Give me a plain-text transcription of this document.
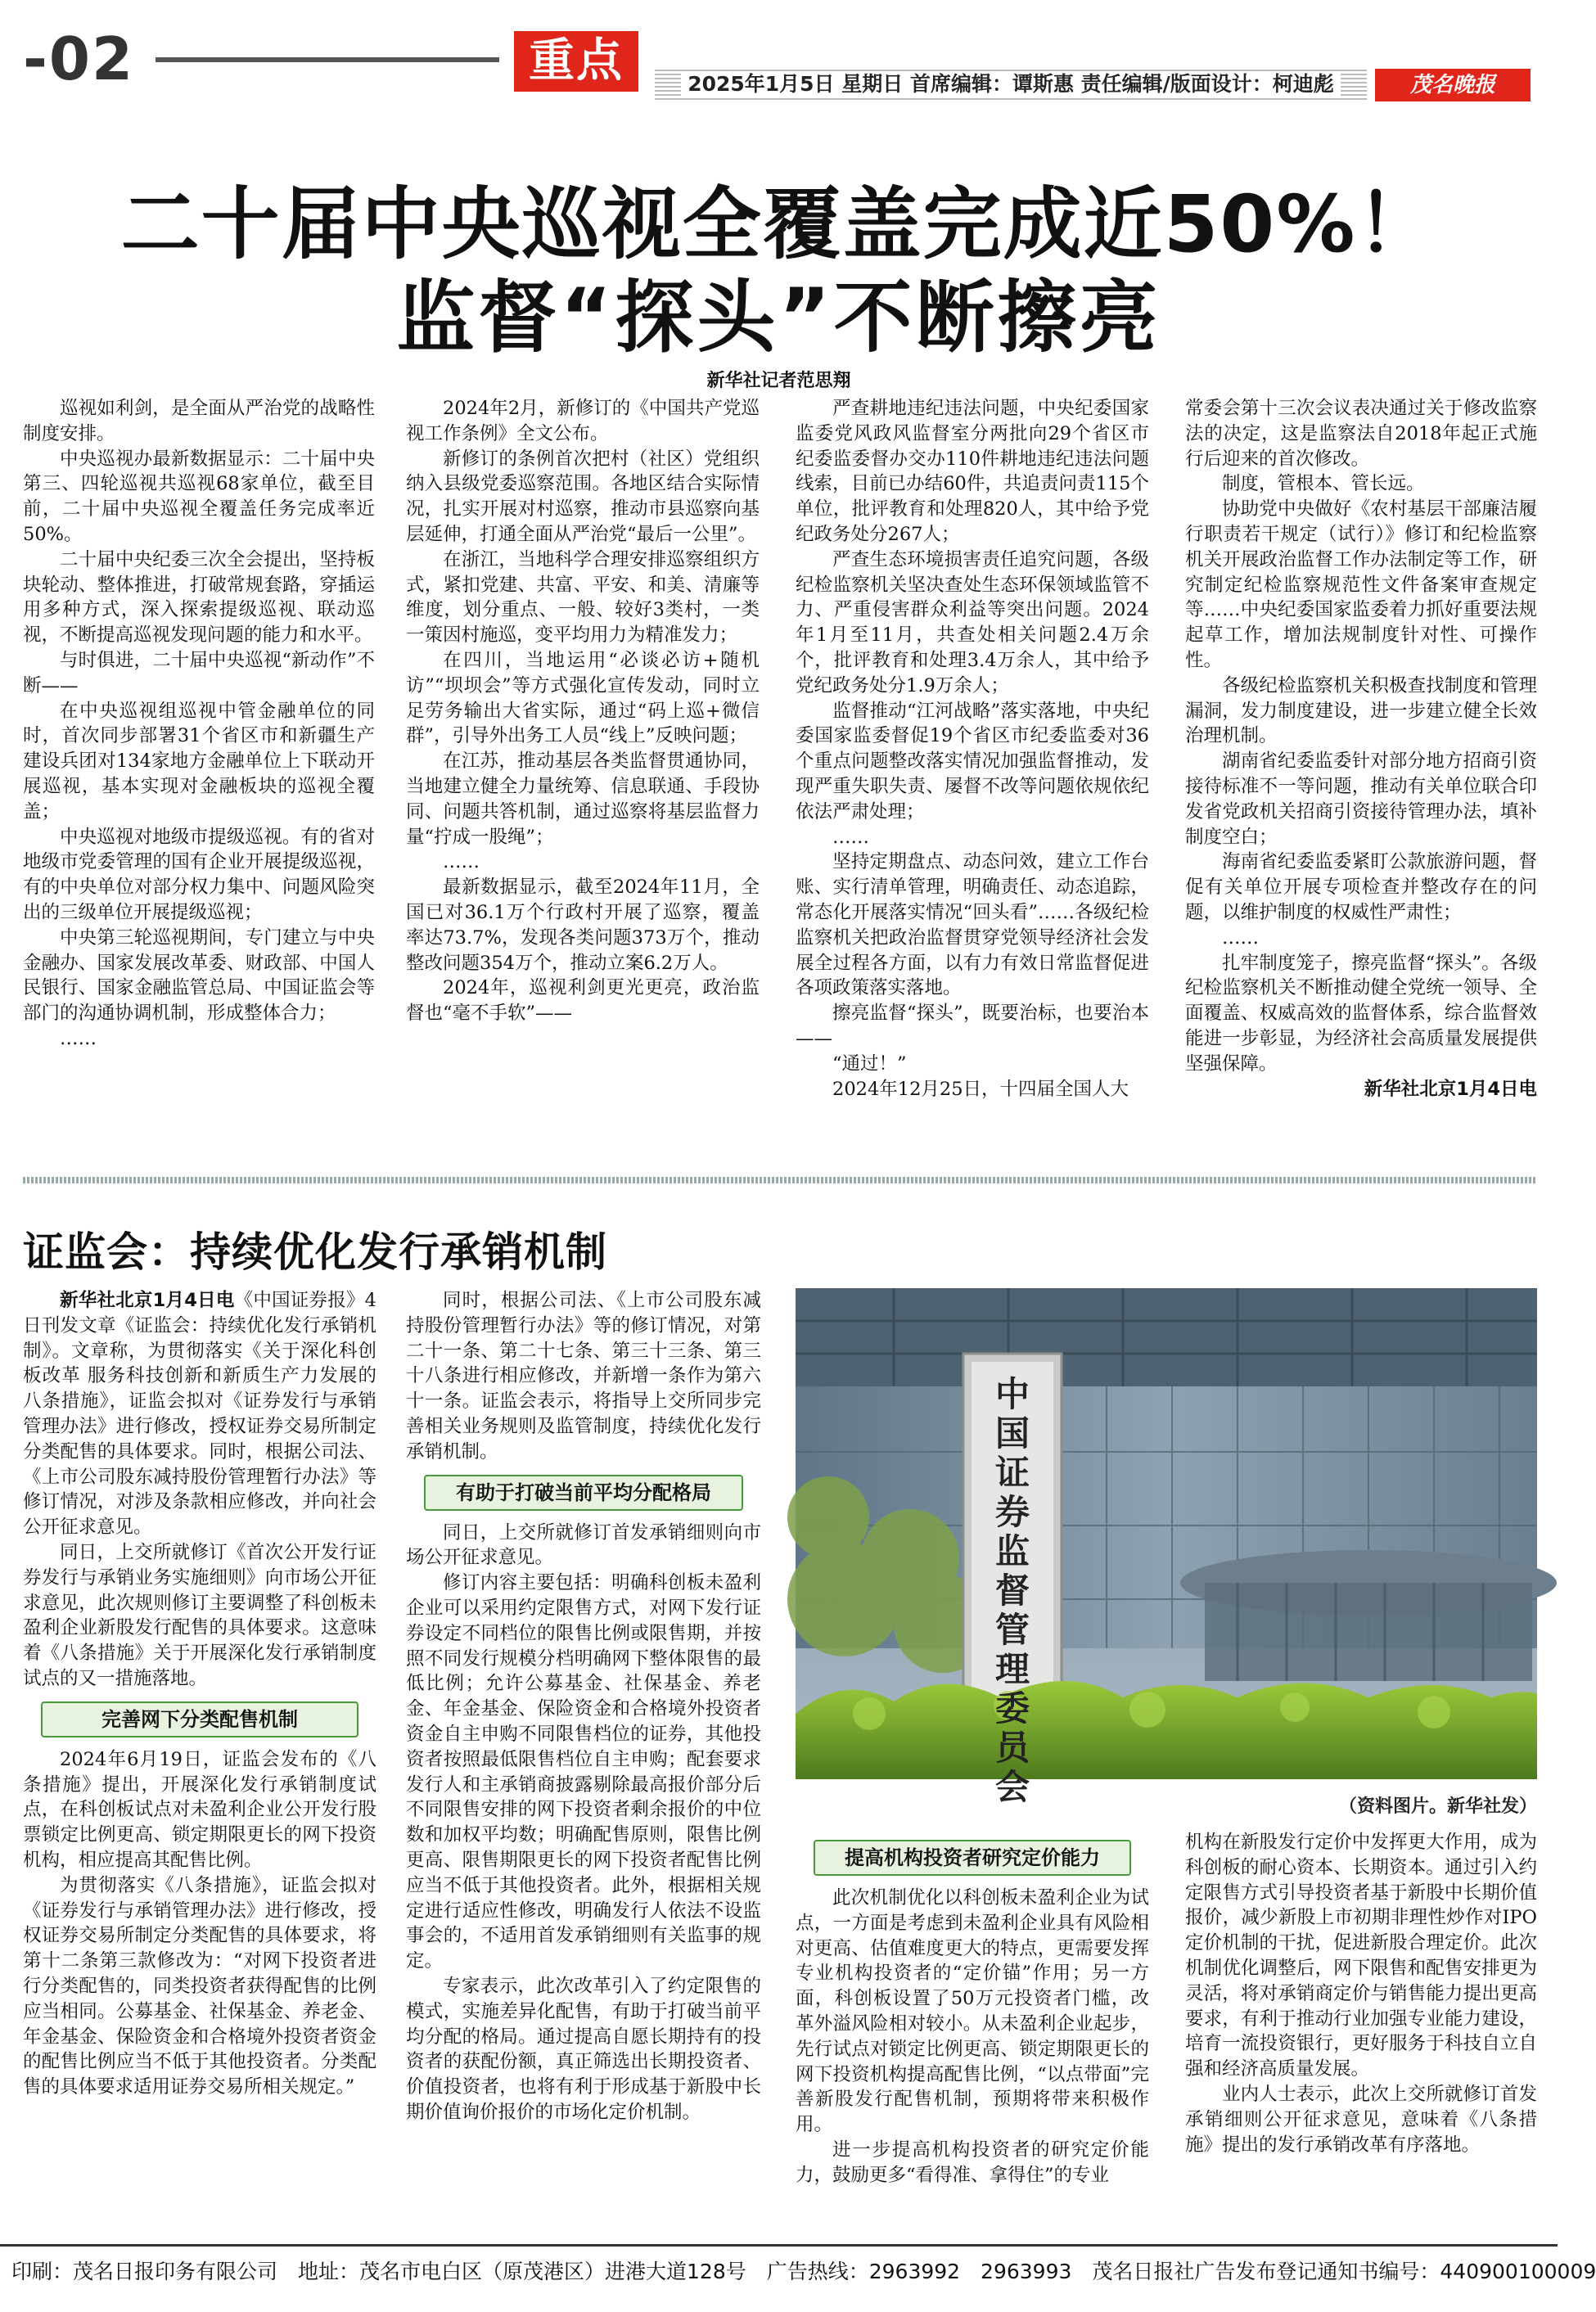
-02	重点	2025年1月5日 星期日 首席编辑：谭斯惠 责任编辑/版面设计：柯迪彪	茂名晚报
二十届中央巡视全覆盖完成近50%！
监督“探头”不断擦亮
新华社记者范思翔

巡视如利剑，是全面从严治党的战略性制度安排。

中央巡视办最新数据显示：二十届中央第三、四轮巡视共巡视68家单位，截至目前，二十届中央巡视全覆盖任务完成率近50%。

二十届中央纪委三次全会提出，坚持板块轮动、整体推进，打破常规套路，穿插运用多种方式，深入探索提级巡视、联动巡视，不断提高巡视发现问题的能力和水平。

与时俱进，二十届中央巡视“新动作”不断——

在中央巡视组巡视中管金融单位的同时，首次同步部署31个省区市和新疆生产建设兵团对134家地方金融单位上下联动开展巡视，基本实现对金融板块的巡视全覆盖；

中央巡视对地级市提级巡视。有的省对地级市党委管理的国有企业开展提级巡视，有的中央单位对部分权力集中、问题风险突出的三级单位开展提级巡视；

中央第三轮巡视期间，专门建立与中央金融办、国家发展改革委、财政部、中国人民银行、国家金融监管总局、中国证监会等部门的沟通协调机制，形成整体合力；

……

2024年2月，新修订的《中国共产党巡视工作条例》全文公布。

新修订的条例首次把村（社区）党组织纳入县级党委巡察范围。各地区结合实际情况，扎实开展对村巡察，推动市县巡察向基层延伸，打通全面从严治党“最后一公里”。

在浙江，当地科学合理安排巡察组织方式，紧扣党建、共富、平安、和美、清廉等维度，划分重点、一般、较好3类村，一类一策因村施巡，变平均用力为精准发力；

在四川，当地运用“必谈必访+随机访”“坝坝会”等方式强化宣传发动，同时立足劳务输出大省实际，通过“码上巡+微信群”，引导外出务工人员“线上”反映问题；

在江苏，推动基层各类监督贯通协同，当地建立健全力量统筹、信息联通、手段协同、问题共答机制，通过巡察将基层监督力量“拧成一股绳”；

……

最新数据显示，截至2024年11月，全国已对36.1万个行政村开展了巡察，覆盖率达73.7%，发现各类问题373万个，推动整改问题354万个，推动立案6.2万人。

2024年，巡视利剑更光更亮，政治监督也“毫不手软”——

严查耕地违纪违法问题，中央纪委国家监委党风政风监督室分两批向29个省区市纪委监委督办交办110件耕地违纪违法问题线索，目前已办结60件，共追责问责115个单位，批评教育和处理820人，其中给予党纪政务处分267人；

严查生态环境损害责任追究问题，各级纪检监察机关坚决查处生态环保领域监管不力、严重侵害群众利益等突出问题。2024年1月至11月，共查处相关问题2.4万余个，批评教育和处理3.4万余人，其中给予党纪政务处分1.9万余人；

监督推动“江河战略”落实落地，中央纪委国家监委督促19个省区市纪委监委对36个重点问题整改落实情况加强监督推动，发现严重失职失责、屡督不改等问题依规依纪依法严肃处理；

……

坚持定期盘点、动态问效，建立工作台账、实行清单管理，明确责任、动态追踪，常态化开展落实情况“回头看”……各级纪检监察机关把政治监督贯穿党领导经济社会发展全过程各方面，以有力有效日常监督促进各项政策落实落地。

擦亮监督“探头”，既要治标，也要治本——

“通过！”

2024年12月25日，十四届全国人大

常委会第十三次会议表决通过关于修改监察法的决定，这是监察法自2018年起正式施行后迎来的首次修改。

制度，管根本、管长远。

协助党中央做好《农村基层干部廉洁履行职责若干规定（试行）》修订和纪检监察机关开展政治监督工作办法制定等工作，研究制定纪检监察规范性文件备案审查规定等……中央纪委国家监委着力抓好重要法规起草工作，增加法规制度针对性、可操作性。

各级纪检监察机关积极查找制度和管理漏洞，发力制度建设，进一步建立健全长效治理机制。

湖南省纪委监委针对部分地方招商引资接待标准不一等问题，推动有关单位联合印发省党政机关招商引资接待管理办法，填补制度空白；

海南省纪委监委紧盯公款旅游问题，督促有关单位开展专项检查并整改存在的问题，以维护制度的权威性严肃性；

……

扎牢制度笼子，擦亮监督“探头”。各级纪检监察机关不断推动健全党统一领导、全面覆盖、权威高效的监督体系，综合监督效能进一步彰显，为经济社会高质量发展提供坚强保障。

新华社北京1月4日电

证监会：持续优化发行承销机制

新华社北京1月4日电《中国证券报》4日刊发文章《证监会：持续优化发行承销机制》。文章称，为贯彻落实《关于深化科创板改革 服务科技创新和新质生产力发展的八条措施》，证监会拟对《证券发行与承销管理办法》进行修改，授权证券交易所制定分类配售的具体要求。同时，根据公司法、《上市公司股东减持股份管理暂行办法》等修订情况，对涉及条款相应修改，并向社会公开征求意见。

同日，上交所就修订《首次公开发行证券发行与承销业务实施细则》向市场公开征求意见，此次规则修订主要调整了科创板未盈利企业新股发行配售的具体要求。这意味着《八条措施》关于开展深化发行承销制度试点的又一措施落地。

完善网下分类配售机制

2024年6月19日，证监会发布的《八条措施》提出，开展深化发行承销制度试点，在科创板试点对未盈利企业公开发行股票锁定比例更高、锁定期限更长的网下投资机构，相应提高其配售比例。

为贯彻落实《八条措施》，证监会拟对《证券发行与承销管理办法》进行修改，授权证券交易所制定分类配售的具体要求，将第十二条第三款修改为：“对网下投资者进行分类配售的，同类投资者获得配售的比例应当相同。公募基金、社保基金、养老金、年金基金、保险资金和合格境外投资者资金的配售比例应当不低于其他投资者。分类配售的具体要求适用证券交易所相关规定。”

同时，根据公司法、《上市公司股东减持股份管理暂行办法》等的修订情况，对第二十一条、第二十七条、第三十三条、第三十八条进行相应修改，并新增一条作为第六十一条。证监会表示，将指导上交所同步完善相关业务规则及监管制度，持续优化发行承销机制。

有助于打破当前平均分配格局

同日，上交所就修订首发承销细则向市场公开征求意见。

修订内容主要包括：明确科创板未盈利企业可以采用约定限售方式，对网下发行证券设定不同档位的限售比例或限售期，并按照不同发行规模分档明确网下整体限售的最低比例；允许公募基金、社保基金、养老金、年金基金、保险资金和合格境外投资者资金自主申购不同限售档位的证券，其他投资者按照最低限售档位自主申购；配套要求发行人和主承销商披露剔除最高报价部分后不同限售安排的网下投资者剩余报价的中位数和加权平均数；明确配售原则，限售比例更高、限售期限更长的网下投资者配售比例应当不低于其他投资者。此外，根据相关规定进行适应性修改，明确发行人依法不设监事会的，不适用首发承销细则有关监事的规定。

专家表示，此次改革引入了约定限售的模式，实施差异化配售，有助于打破当前平均分配的格局。通过提高自愿长期持有的投资者的获配份额，真正筛选出长期投资者、价值投资者，也将有利于形成基于新股中长期价值询价报价的市场化定价机制。

中国证券监督管理委员会	（资料图片。新华社发）
提高机构投资者研究定价能力

此次机制优化以科创板未盈利企业为试点，一方面是考虑到未盈利企业具有风险相对更高、估值难度更大的特点，更需要发挥专业机构投资者的“定价锚”作用；另一方面，科创板设置了50万元投资者门槛，改革外溢风险相对较小。从未盈利企业起步，先行试点对锁定比例更高、锁定期限更长的网下投资机构提高配售比例，“以点带面”完善新股发行配售机制，预期将带来积极作用。

进一步提高机构投资者的研究定价能力，鼓励更多“看得准、拿得住”的专业

机构在新股发行定价中发挥更大作用，成为科创板的耐心资本、长期资本。通过引入约定限售方式引导投资者基于新股中长期价值报价，减少新股上市初期非理性炒作对IPO定价机制的干扰，促进新股合理定价。此次机制优化调整后，网下限售和配售安排更为灵活，将对承销商定价与销售能力提出更高要求，有利于推动行业加强专业能力建设，培育一流投资银行，更好服务于科技自立自强和经济高质量发展。

业内人士表示，此次上交所就修订首发承销细则公开征求意见，意味着《八条措施》提出的发行承销改革有序落地。

印刷：茂名日报印务有限公司　地址：茂名市电白区（原茂港区）进港大道128号　广告热线：2963992　2963993　茂名日报社广告发布登记通知书编号：440900100009
